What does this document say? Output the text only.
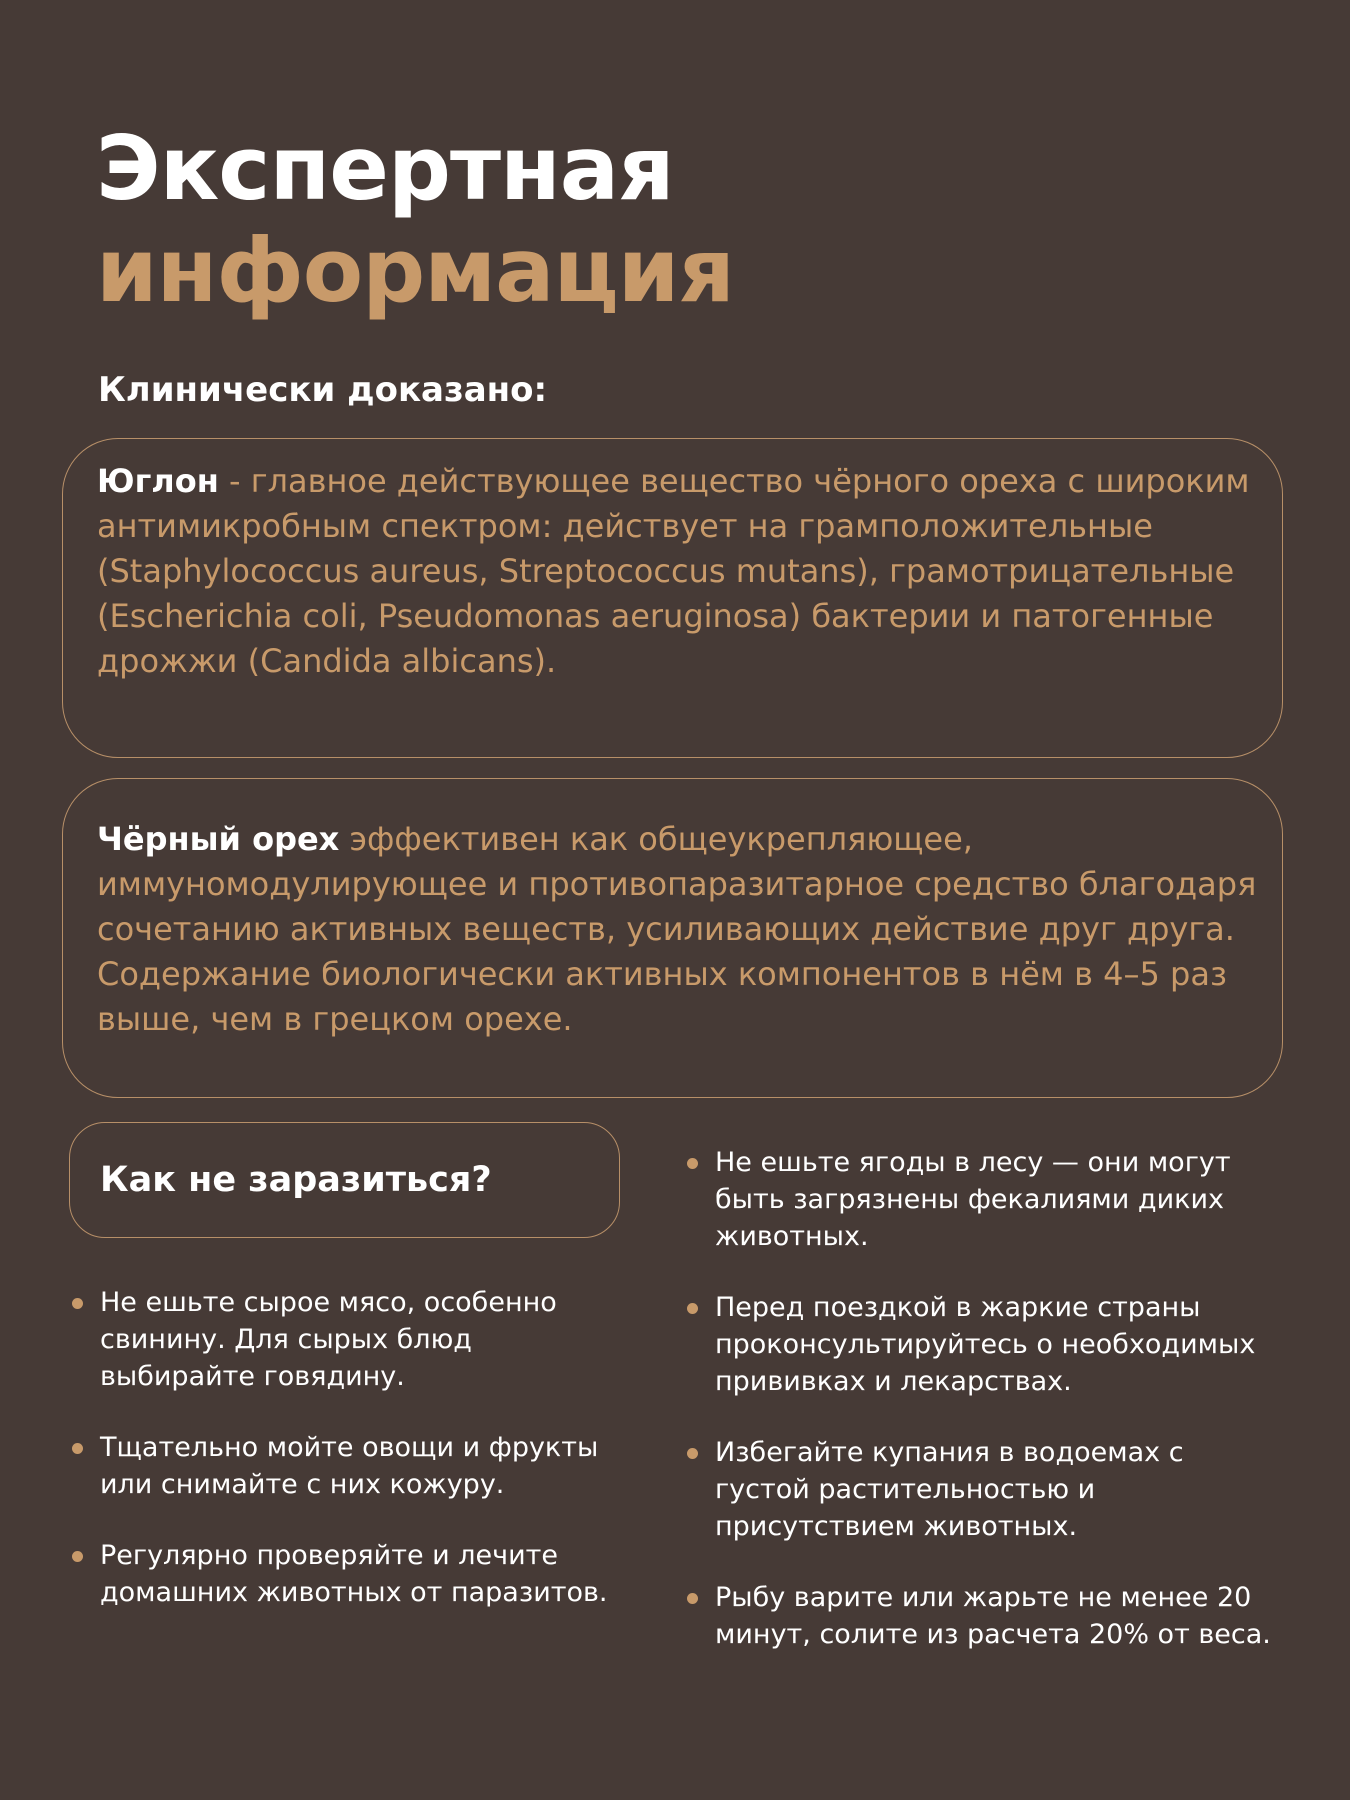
Экспертная
информация
Клинически доказано:
Юглон - главное действующее вещество чёрного ореха с широким антимикробным спектром: действует на грамположительные (Staphylococcus aureus, Streptococcus mutans), грамотрицательные (Escherichia coli, Pseudomonas aeruginosa) бактерии и патогенные дрожжи (Candida albicans).
Чёрный орех эффективен как общеукрепляющее, иммуномодулирующее и противопаразитарное средство благодаря сочетанию активных веществ, усиливающих действие друг друга. Содержание биологически активных компонентов в нём в 4–5 раз выше, чем в грецком орехе.
Как не заразиться?
Не ешьте сырое мясо, особенно свинину. Для сырых блюд выбирайте говядину.
Тщательно мойте овощи и фрукты или снимайте с них кожуру.
Регулярно проверяйте и лечите домашних животных от паразитов.
Не ешьте ягоды в лесу — они могут быть загрязнены фекалиями диких животных.
Перед поездкой в жаркие страны проконсультируйтесь о необходимых прививках и лекарствах.
Избегайте купания в водоемах с густой растительностью и присутствием животных.
Рыбу варите или жарьте не менее 20 минут, солите из расчета 20% от веса.
